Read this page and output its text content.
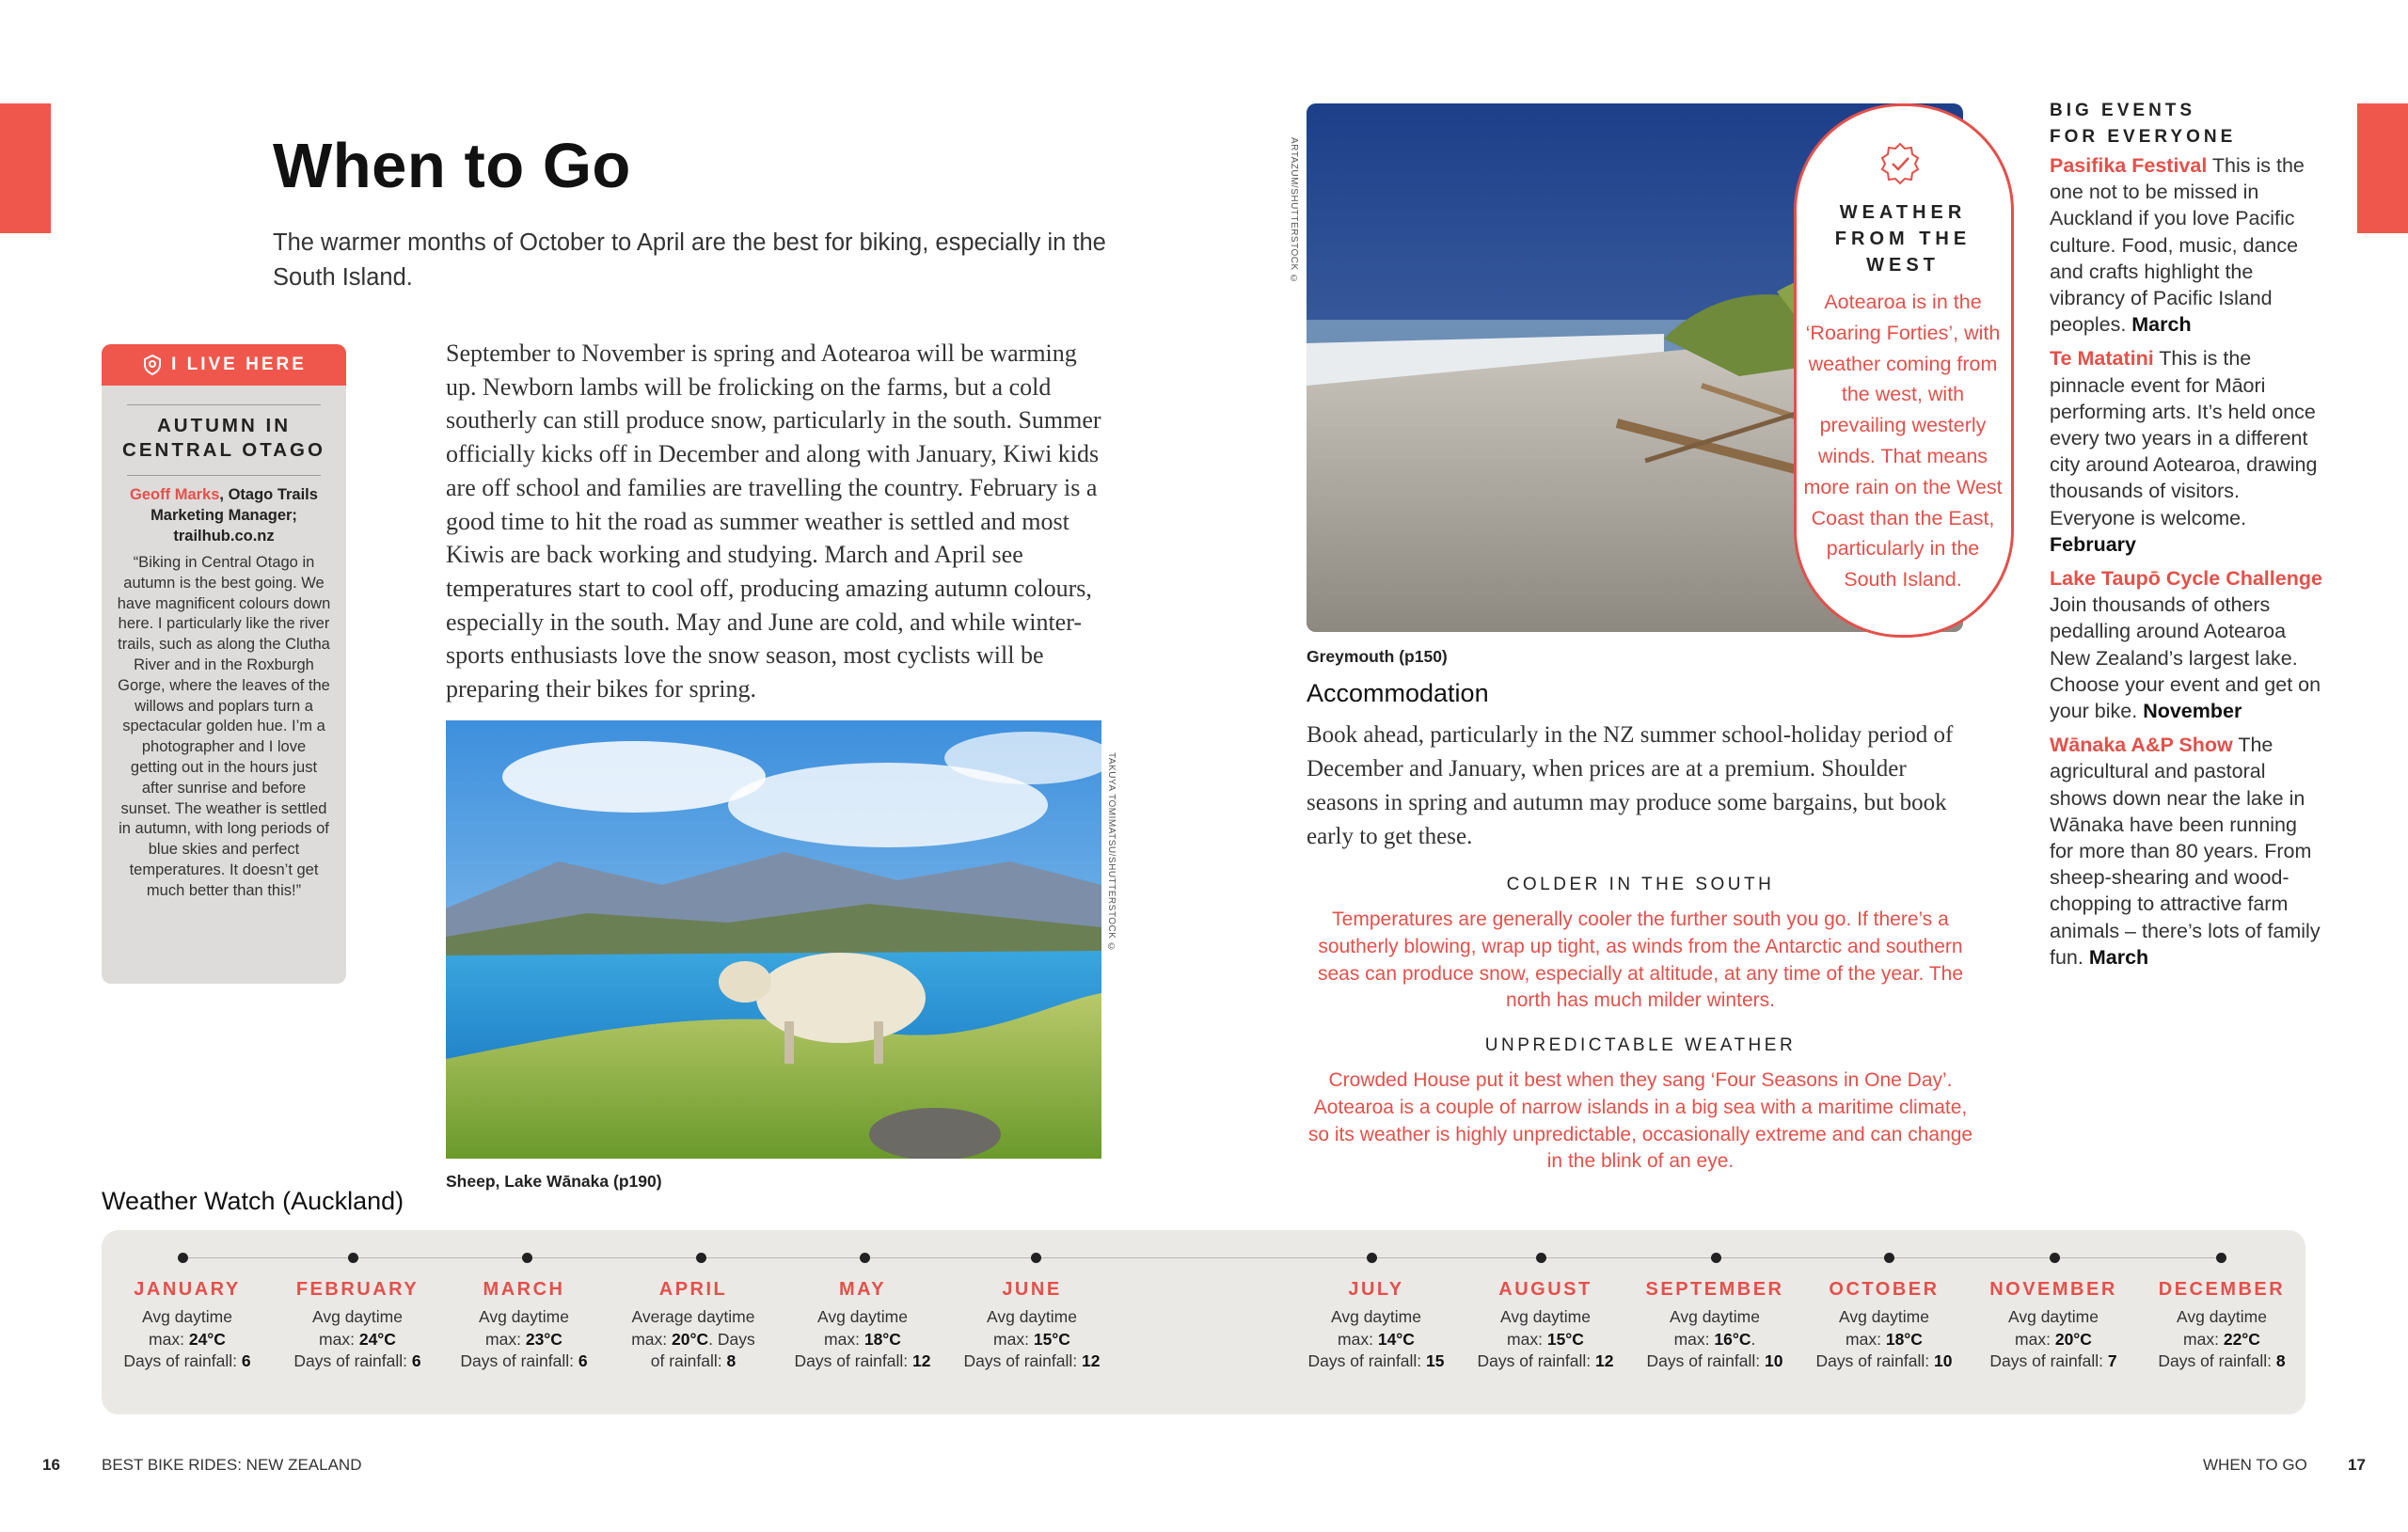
When to Go
The warmer months of October to April are the best for biking, especially in the South Island.
I LIVE HERE
AUTUMN IN
CENTRAL OTAGO
Geoff Marks, Otago Trails Marketing Manager;
trailhub.co.nz
“Biking in Central Otago in autumn is the best going. We have magnificent colours down here. I particularly like the river trails, such as along the Clutha River and in the Roxburgh Gorge, where the leaves of the willows and poplars turn a spectacular golden hue. I’m a photographer and I love getting out in the hours just after sunrise and before sunset. The weather is settled in autumn, with long periods of blue skies and perfect temperatures. It doesn’t get much better than this!”
September to November is spring and Aotearoa will be warming up. Newborn lambs will be frolicking on the farms, but a cold southerly can still produce snow, particularly in the south. Summer officially kicks off in December and along with January, Kiwi kids are off school and families are travelling the country. February is a good time to hit the road as summer weather is settled and most Kiwis are back working and studying. March and April see temperatures start to cool off, producing amazing autumn colours, especially in the south. May and June are cold, and while winter-sports enthusiasts love the snow season, most cyclists will be preparing their bikes for spring.
TAKUYA TOMIMATSU/SHUTTERSTOCK ©
Sheep, Lake Wānaka (p190)
ARTAZUM/SHUTTERSTOCK ©
Greymouth (p150)
WEATHER
FROM THE
WEST
Aotearoa is in the ‘Roaring Forties’, with weather coming from the west, with prevailing westerly winds. That means more rain on the West Coast than the East, particularly in the South Island.
Accommodation
Book ahead, particularly in the NZ summer school-holiday period of December and January, when prices are at a premium. Shoulder seasons in spring and autumn may produce some bargains, but book early to get these.
COLDER IN THE SOUTH
Temperatures are generally cooler the further south you go. If there’s a southerly blowing, wrap up tight, as winds from the Antarctic and southern seas can produce snow, especially at altitude, at any time of the year. The north has much milder winters.
UNPREDICTABLE WEATHER
Crowded House put it best when they sang ‘Four Seasons in One Day’. Aotearoa is a couple of narrow islands in a big sea with a maritime climate, so its weather is highly unpredictable, occasionally extreme and can change in the blink of an eye.
BIG EVENTS
FOR EVERYONE
Pasifika Festival This is the one not to be missed in Auckland if you love Pacific culture. Food, music, dance and crafts highlight the vibrancy of Pacific Island peoples. March
Te Matatini This is the pinnacle event for Māori performing arts. It’s held once every two years in a different city around Aotearoa, drawing thousands of visitors. Everyone is welcome. February
Lake Taupō Cycle Challenge Join thousands of others pedalling around Aotearoa New Zealand’s largest lake. Choose your event and get on your bike. November
Wānaka A&P Show The agricultural and pastoral shows down near the lake in Wānaka have been running for more than 80 years. From sheep-shearing and wood-chopping to attractive farm animals – there’s lots of family fun. March
Weather Watch (Auckland)
JANUARY
Avg daytime
max: 24°C
Days of rainfall: 6
FEBRUARY
Avg daytime
max: 24°C
Days of rainfall: 6
MARCH
Avg daytime
max: 23°C
Days of rainfall: 6
APRIL
Average daytime
max: 20°C. Days
of rainfall: 8
MAY
Avg daytime
max: 18°C
Days of rainfall: 12
JUNE
Avg daytime
max: 15°C
Days of rainfall: 12
JULY
Avg daytime
max: 14°C
Days of rainfall: 15
AUGUST
Avg daytime
max: 15°C
Days of rainfall: 12
SEPTEMBER
Avg daytime
max: 16°C.
Days of rainfall: 10
OCTOBER
Avg daytime
max: 18°C
Days of rainfall: 10
NOVEMBER
Avg daytime
max: 20°C
Days of rainfall: 7
DECEMBER
Avg daytime
max: 22°C
Days of rainfall: 8
16	BEST BIKE RIDES: NEW ZEALAND	WHEN TO GO	17
